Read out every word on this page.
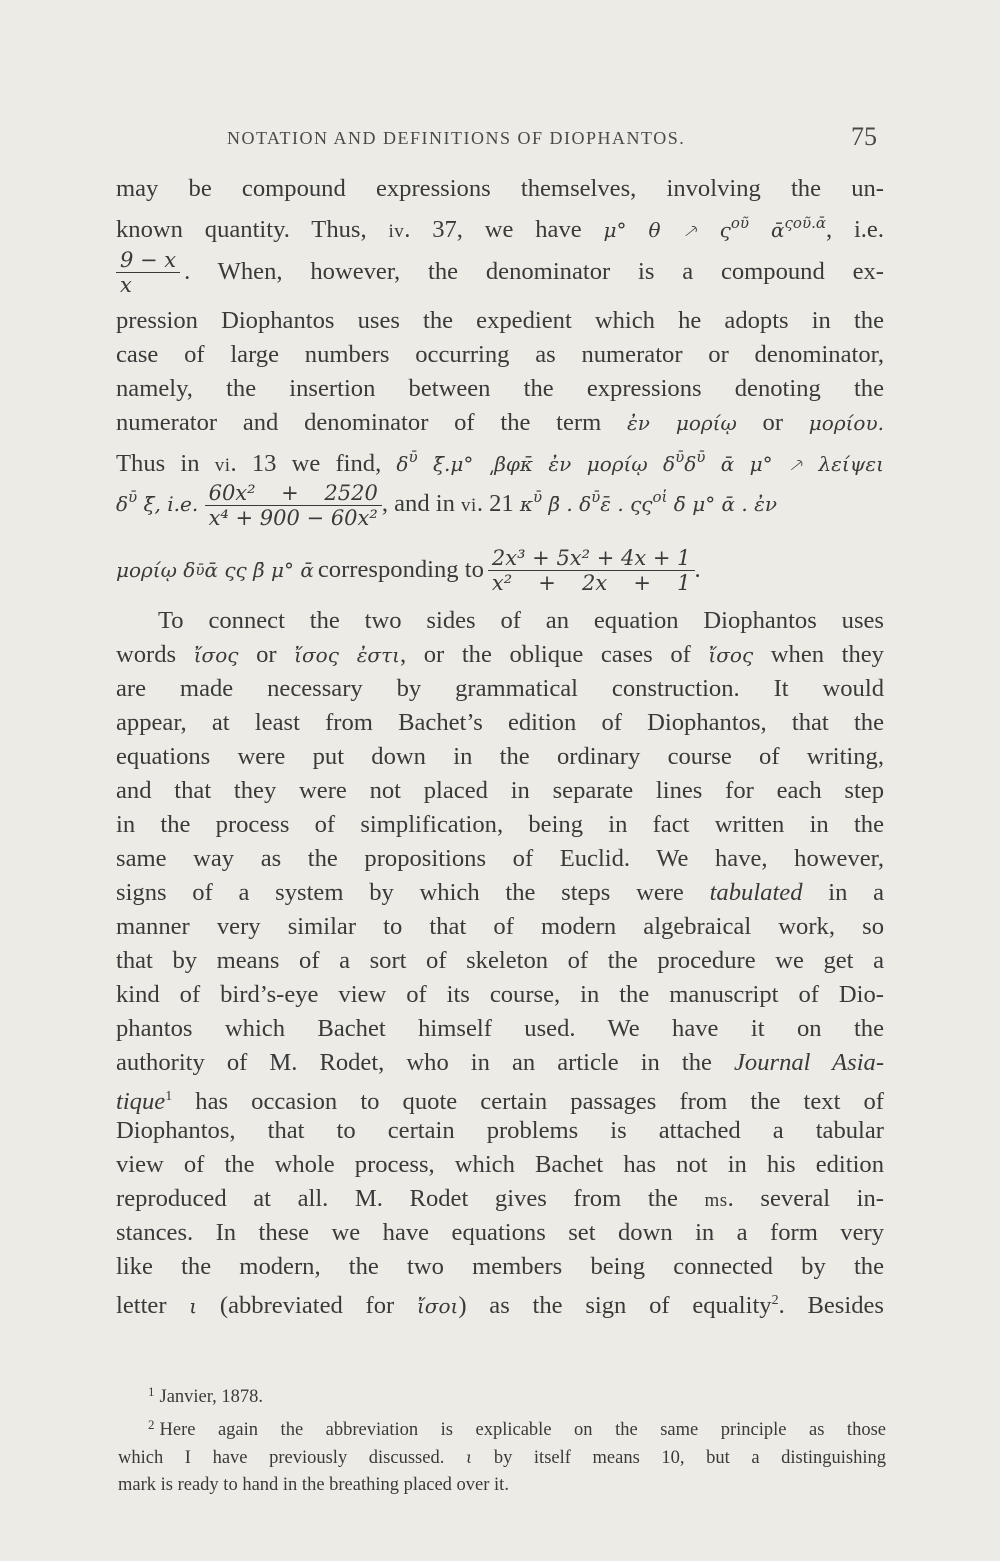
NOTATION AND DEFINITIONS OF DIOPHANTOS.	75
may be compound expressions themselves, involving the un-
known quantity. Thus, iv. 37, we have μ° θ ⸕ $\varsigma^{oῦ}$ ᾱ$^{\varsigma oῦ.ᾱ}$, i.e.
$\frac{9 - x}{x}$ . When, however, the denominator is a compound ex-
pression Diophantos uses the expedient which he adopts in the
case of large numbers occurring as numerator or denominator,
namely, the insertion between the expressions denoting the
numerator and denominator of the term ἐν μορίῳ or μορίου.
Thus in vi. 13 we find, $\delta^ῡ$ ξ̄.μ° ͵βφκ̄ ἐν μορίῳ $\delta^ῡ\delta^ῡ$ ᾱ μ° ⸕ λείψει
$\delta^ῡ$ ξ̄, i.e. $\frac{\text{60x² + 2520}}{\text{x⁴ + 900 − 60x²}}$ , and in vi. 21 $\kappa^ῡ$ β̄ . $\delta^ῡ\varepsilon̄$ . $\varsigma\varsigma^{oἱ}$ δ̄ μ° ᾱ . ἐν
μορίῳ δ ῡ ᾱ ςς β̄ μ° ᾱ corresponding to $\frac{\text{2x³ + 5x² + 4x + 1}}{\text{x² + 2x + 1}}$ .
To connect the two sides of an equation Diophantos uses
words ἴσος or ἴσος ἐστι, or the oblique cases of ἴσος when they
are made necessary by grammatical construction. It would
appear, at least from Bachet’s edition of Diophantos, that the
equations were put down in the ordinary course of writing,
and that they were not placed in separate lines for each step
in the process of simplification, being in fact written in the
same way as the propositions of Euclid. We have, however,
signs of a system by which the steps were tabulated in a
manner very similar to that of modern algebraical work, so
that by means of a sort of skeleton of the procedure we get a
kind of bird’s-eye view of its course, in the manuscript of Dio-
phantos which Bachet himself used. We have it on the
authority of M. Rodet, who in an article in the Journal Asia-
tique$^1$ has occasion to quote certain passages from the text of
Diophantos, that to certain problems is attached a tabular
view of the whole process, which Bachet has not in his edition
reproduced at all. M. Rodet gives from the ms. several in-
stances. In these we have equations set down in a form very
like the modern, the two members being connected by the
letter ι (abbreviated for ἴσοι) as the sign of equality$^2$. Besides
$^1$ Janvier, 1878.
$^2$ Here again the abbreviation is explicable on the same principle as those
which I have previously discussed. ι by itself means 10, but a distinguishing
mark is ready to hand in the breathing placed over it.
